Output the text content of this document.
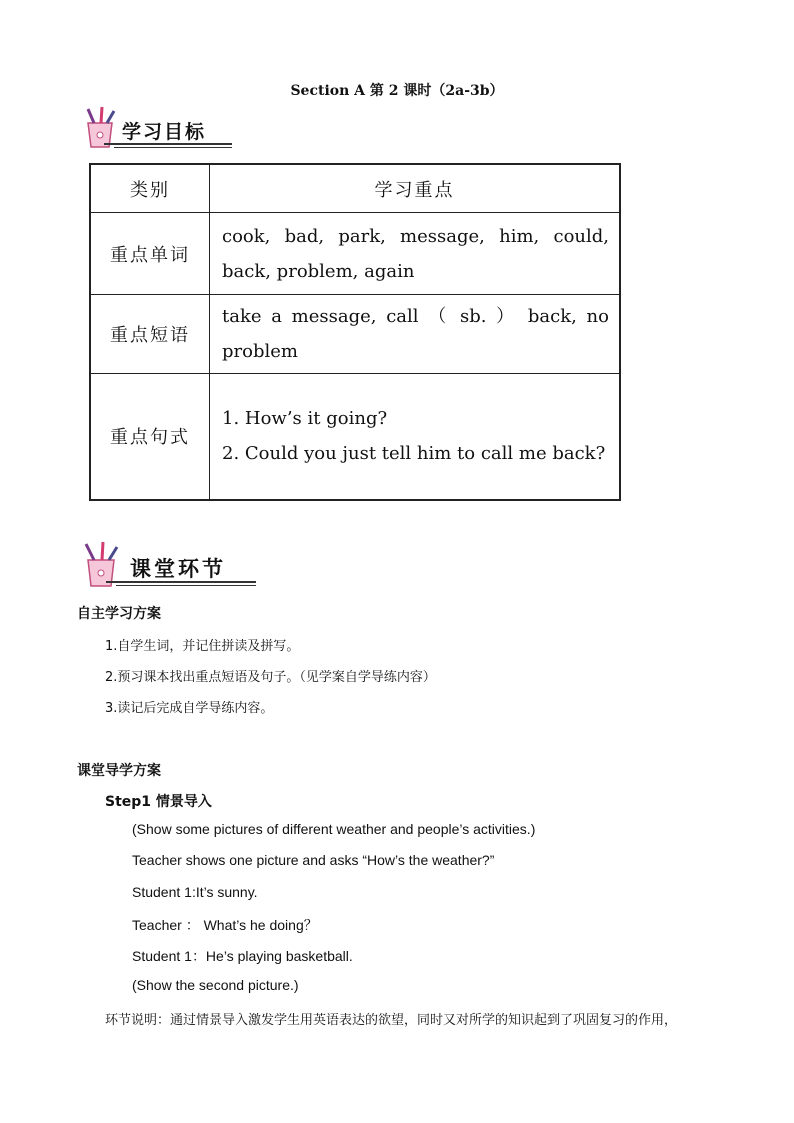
Section A 第 2 课时（2a-3b）
学习目标
类别	学习重点
重点单词	cook, bad, park, message, him, could, back, problem, again
重点短语	take a message, call （ sb. ） back, no problem
重点句式	1. How’s it going?
2. Could you just tell him to call me back?
课堂环节
自主学习方案
1.自学生词，并记住拼读及拼写。
2.预习课本找出重点短语及句子。（见学案自学导练内容）
3.读记后完成自学导练内容。
课堂导学方案
Step1 情景导入
(Show some pictures of different weather and people’s activities.)
Teacher shows one picture and asks “How’s the weather?”
Student 1:It’s sunny.
Teacher ： What’s he doing？
Student 1：He’s playing basketball.
(Show the second picture.)
环节说明：通过情景导入激发学生用英语表达的欲望，同时又对所学的知识起到了巩固复习的作用，
